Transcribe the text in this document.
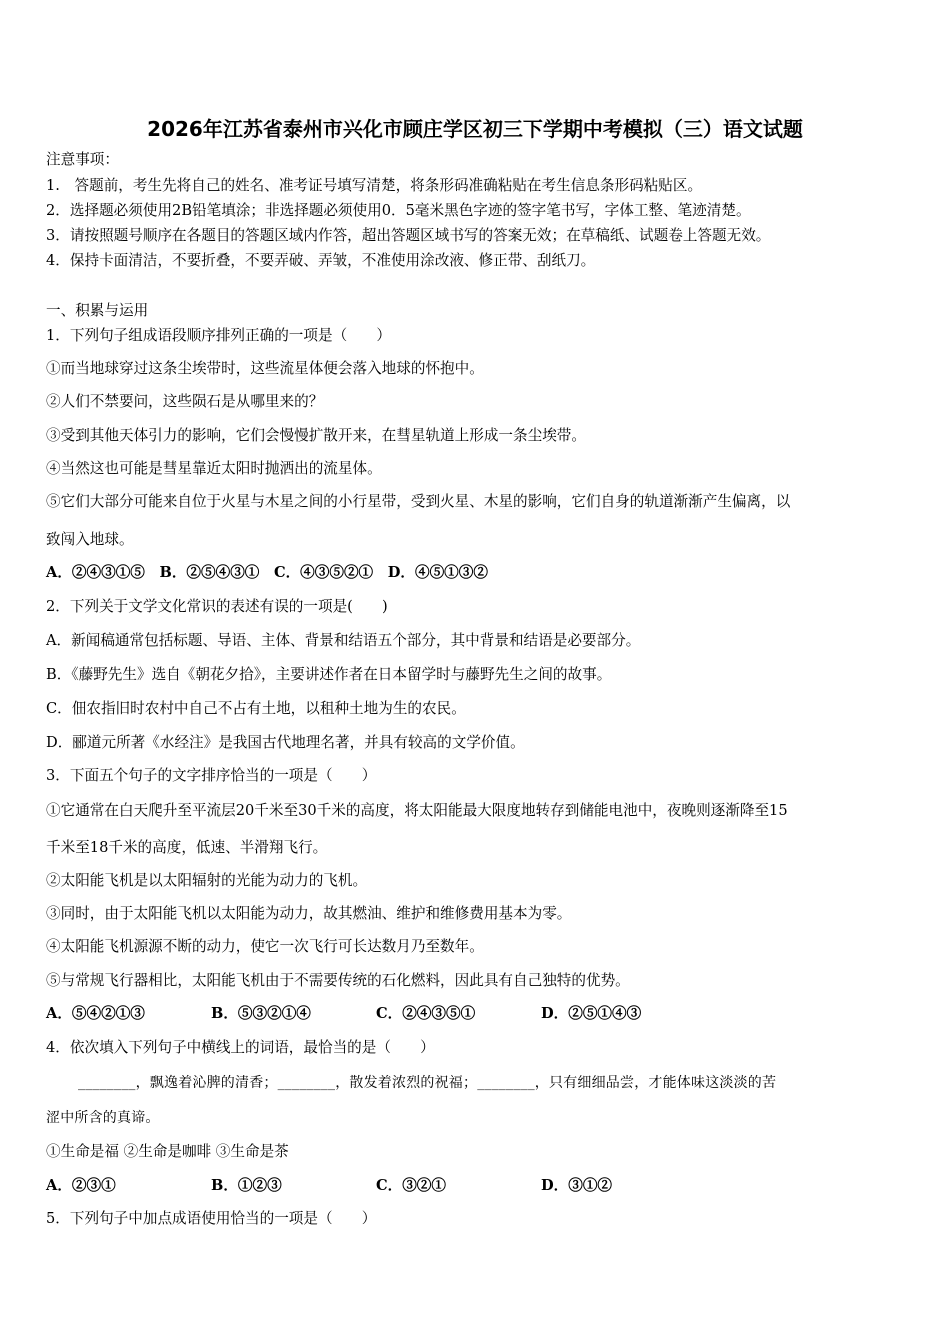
2026年江苏省泰州市兴化市顾庄学区初三下学期中考模拟（三）语文试题
注意事项：
1.　答题前，考生先将自己的姓名、准考证号填写清楚，将条形码准确粘贴在考生信息条形码粘贴区。
2．选择题必须使用2B铅笔填涂；非选择题必须使用0．5毫米黑色字迹的签字笔书写，字体工整、笔迹清楚。
3．请按照题号顺序在各题目的答题区域内作答，超出答题区域书写的答案无效；在草稿纸、试题卷上答题无效。
4．保持卡面清洁，不要折叠，不要弄破、弄皱，不准使用涂改液、修正带、刮纸刀。
一、积累与运用
1．下列句子组成语段顺序排列正确的一项是（　　）
①而当地球穿过这条尘埃带时，这些流星体便会落入地球的怀抱中。
②人们不禁要问，这些陨石是从哪里来的？
③受到其他天体引力的影响，它们会慢慢扩散开来，在彗星轨道上形成一条尘埃带。
④当然这也可能是彗星靠近太阳时抛洒出的流星体。
⑤它们大部分可能来自位于火星与木星之间的小行星带，受到火星、木星的影响，它们自身的轨道渐渐产生偏离，以
致闯入地球。
A．②④③①⑤　B．②⑤④③①　C．④③⑤②①　D．④⑤①③②
2．下列关于文学文化常识的表述有误的一项是(　　)
A．新闻稿通常包括标题、导语、主体、背景和结语五个部分，其中背景和结语是必要部分。
B．《藤野先生》选自《朝花夕拾》，主要讲述作者在日本留学时与藤野先生之间的故事。
C．佃农指旧时农村中自己不占有土地，以租种土地为生的农民。
D．郦道元所著《水经注》是我国古代地理名著，并具有较高的文学价值。
3．下面五个句子的文字排序恰当的一项是（　　）
①它通常在白天爬升至平流层20千米至30千米的高度，将太阳能最大限度地转存到储能电池中，夜晚则逐渐降至15
千米至18千米的高度，低速、半滑翔飞行。
②太阳能飞机是以太阳辐射的光能为动力的飞机。
③同时，由于太阳能飞机以太阳能为动力，故其燃油、维护和维修费用基本为零。
④太阳能飞机源源不断的动力，使它一次飞行可长达数月乃至数年。
⑤与常规飞行器相比，太阳能飞机由于不需要传统的石化燃料，因此具有自己独特的优势。
A．⑤④②①③	B．⑤③②①④	C．②④③⑤①	D．②⑤①④③
4．依次填入下列句子中横线上的词语，最恰当的是（　　）
________，飘逸着沁脾的清香；________，散发着浓烈的祝福；________，只有细细品尝，才能体味这淡淡的苦
涩中所含的真谛。
①生命是福 ②生命是咖啡 ③生命是茶
A．②③①	B．①②③	C．③②①	D．③①②
5．下列句子中加点成语使用恰当的一项是（　　）
